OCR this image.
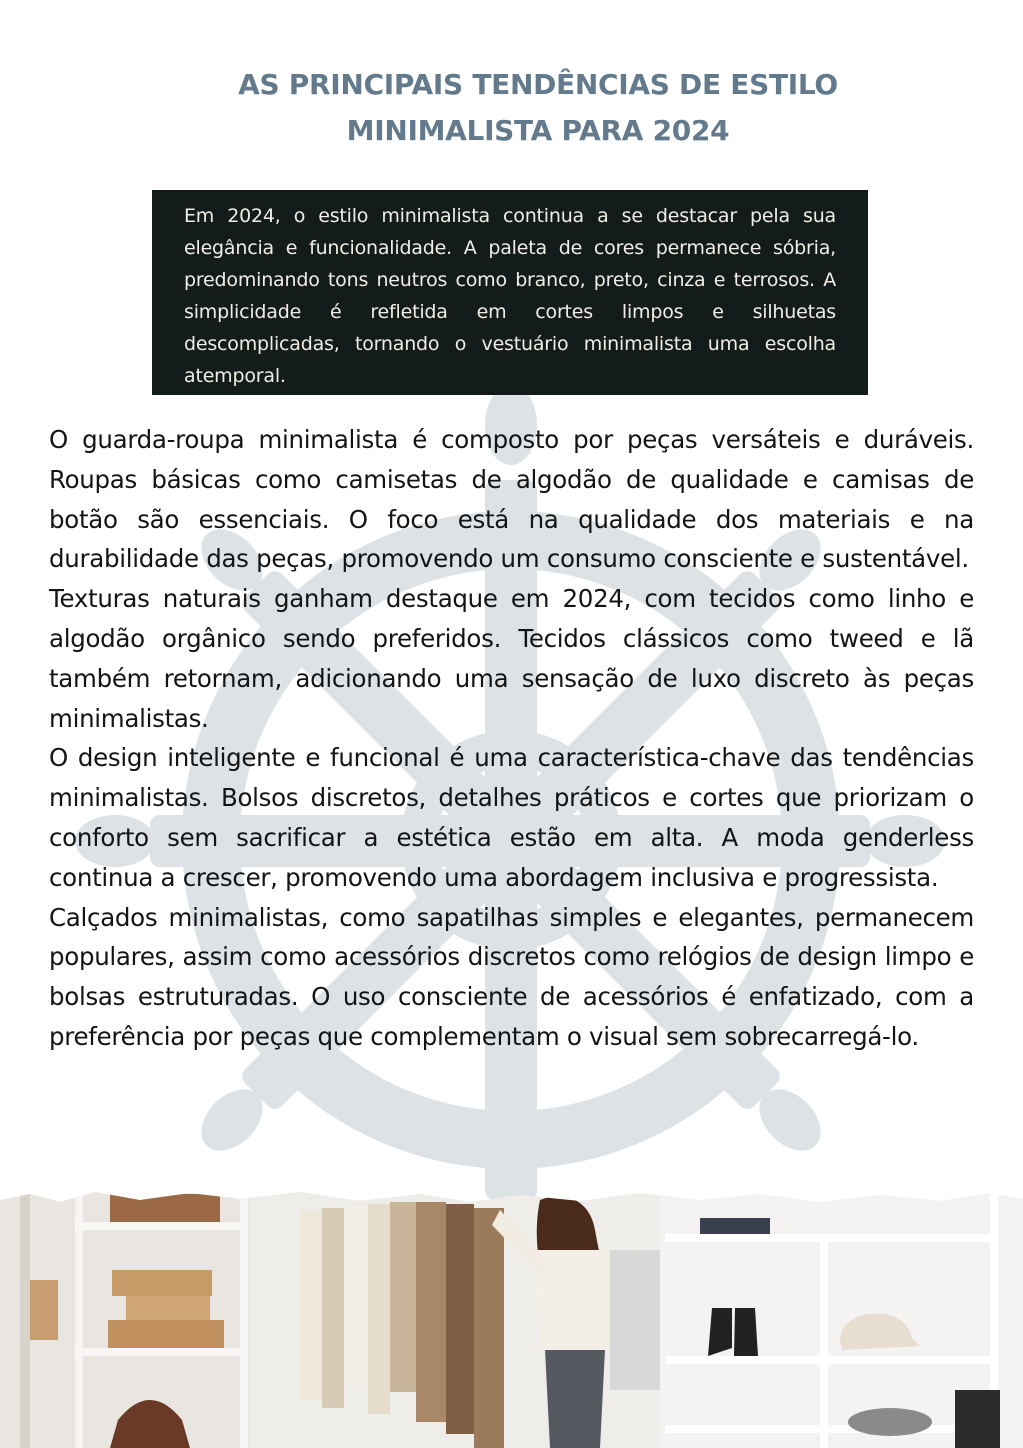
AS PRINCIPAIS TENDÊNCIAS DE ESTILO
MINIMALISTA PARA 2024

Em 2024, o estilo minimalista continua a se destacar pela sua elegância e funcionalidade. A paleta de cores permanece sóbria, predominando tons neutros como branco, preto, cinza e terrosos. A simplicidade é refletida em cortes limpos e silhuetas descomplicadas, tornando o vestuário minimalista uma escolha atemporal.

O guarda-roupa minimalista é composto por peças versáteis e duráveis. Roupas básicas como camisetas de algodão de qualidade e camisas de botão são essenciais. O foco está na qualidade dos materiais e na durabilidade das peças, promovendo um consumo consciente e sustentável.

Texturas naturais ganham destaque em 2024, com tecidos como linho e algodão orgânico sendo preferidos. Tecidos clássicos como tweed e lã também retornam, adicionando uma sensação de luxo discreto às peças minimalistas.

O design inteligente e funcional é uma característica-chave das tendências minimalistas. Bolsos discretos, detalhes práticos e cortes que priorizam o conforto sem sacrificar a estética estão em alta. A moda genderless continua a crescer, promovendo uma abordagem inclusiva e progressista.

Calçados minimalistas, como sapatilhas simples e elegantes, permanecem populares, assim como acessórios discretos como relógios de design limpo e bolsas estruturadas. O uso consciente de acessórios é enfatizado, com a preferência por peças que complementam o visual sem sobrecarregá-lo.
